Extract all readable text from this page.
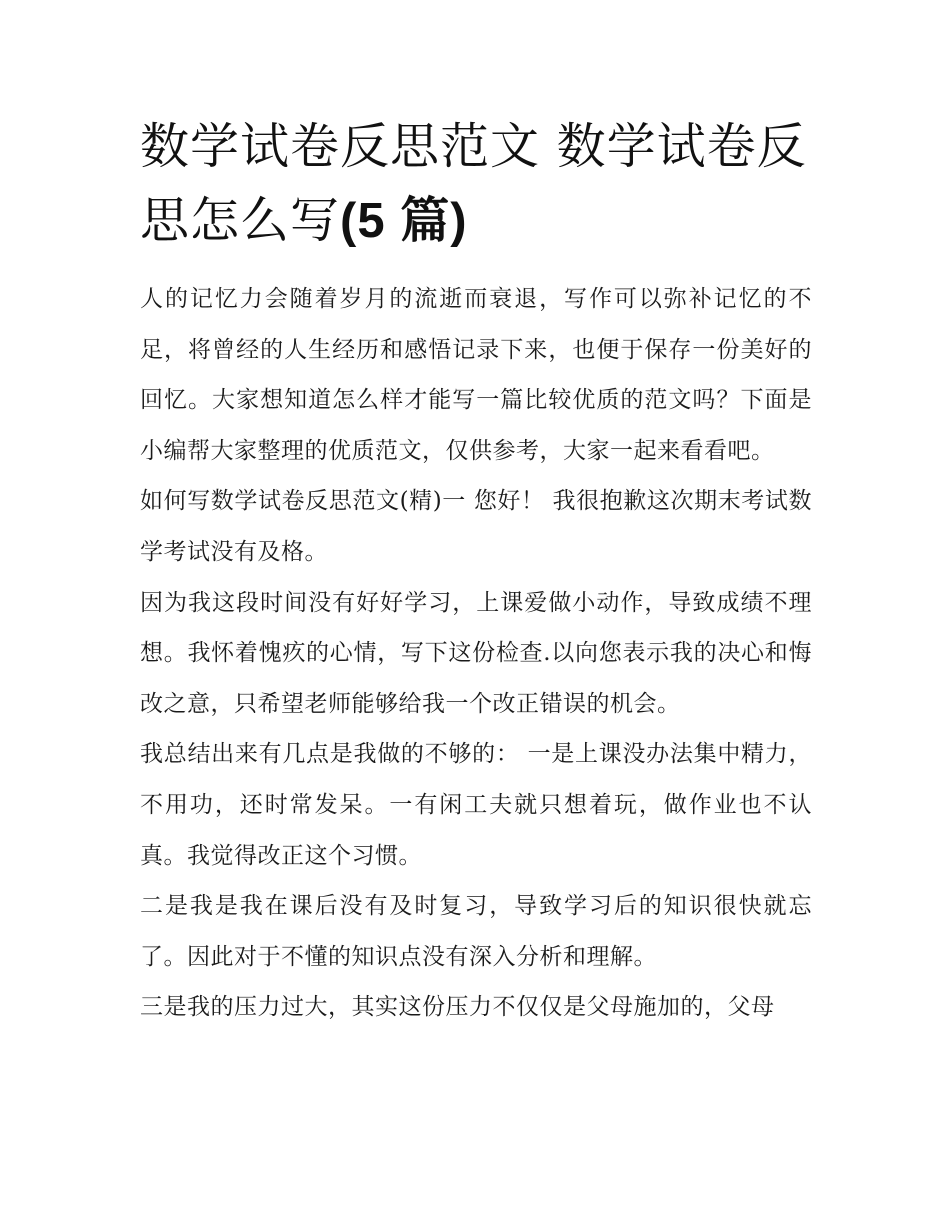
数学试卷反思范文 数学试卷反思怎么写(5 篇)

人的记忆力会随着岁月的流逝而衰退，写作可以弥补记忆的不足，将曾经的人生经历和感悟记录下来，也便于保存一份美好的回忆。大家想知道怎么样才能写一篇比较优质的范文吗？下面是小编帮大家整理的优质范文，仅供参考，大家一起来看看吧。

如何写数学试卷反思范文(精)一 您好！ 我很抱歉这次期末考试数学考试没有及格。

因为我这段时间没有好好学习，上课爱做小动作，导致成绩不理想。我怀着愧疚的心情，写下这份检查.以向您表示我的决心和悔改之意，只希望老师能够给我一个改正错误的机会。

我总结出来有几点是我做的不够的： 一是上课没办法集中精力，不用功，还时常发呆。一有闲工夫就只想着玩，做作业也不认真。我觉得改正这个习惯。

二是我是我在课后没有及时复习，导致学习后的知识很快就忘了。因此对于不懂的知识点没有深入分析和理解。

三是我的压力过大，其实这份压力不仅仅是父母施加的，父母
